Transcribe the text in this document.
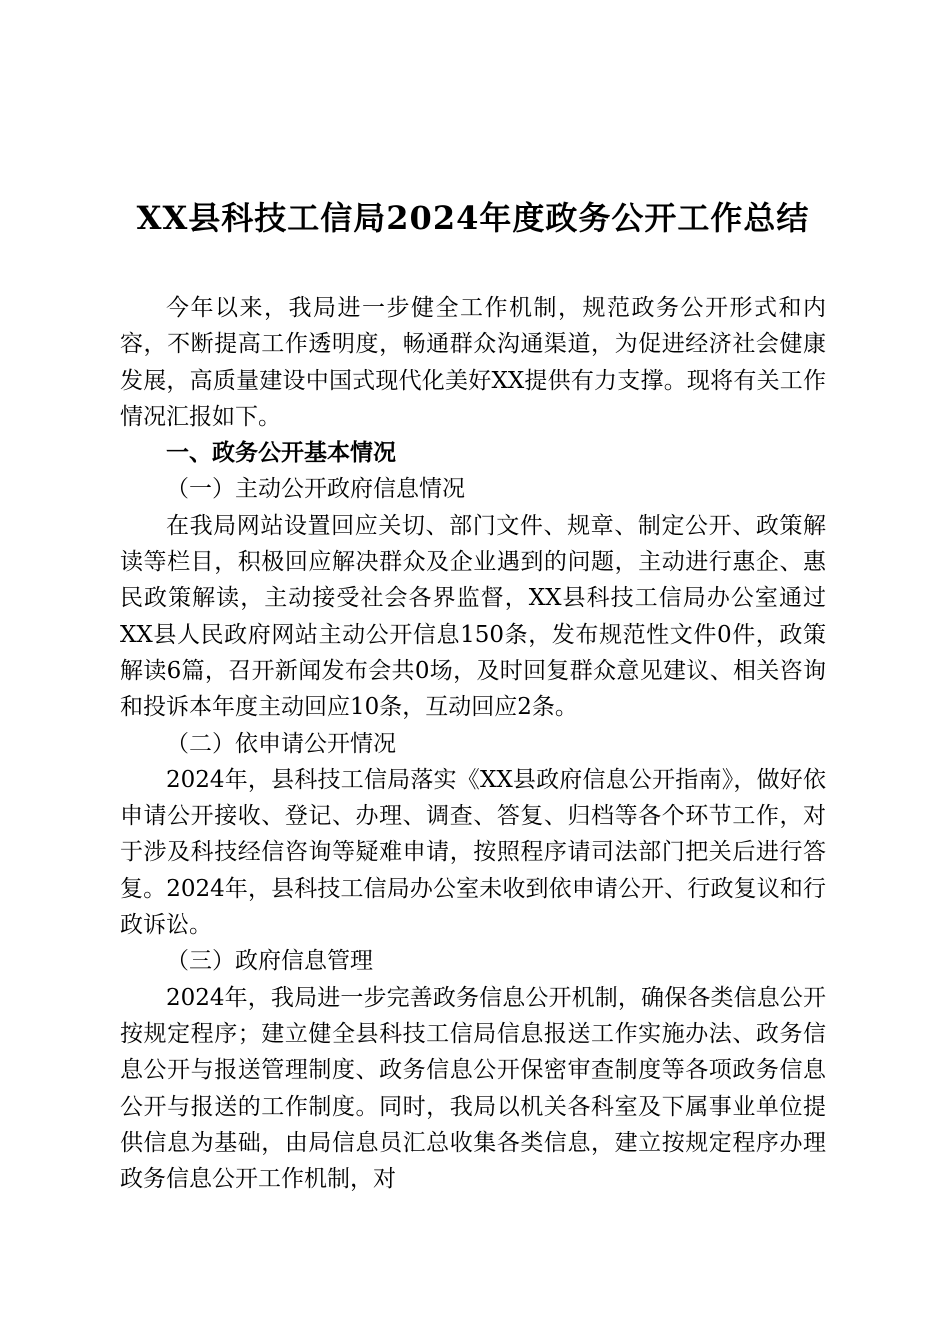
XX县科技工信局2024年度政务公开工作总结

今年以来，我局进一步健全工作机制，规范政务公开形式和内容，不断提高工作透明度，畅通群众沟通渠道，为促进经济社会健康发展，高质量建设中国式现代化美好XX提供有力支撑。现将有关工作情况汇报如下。

一、政务公开基本情况

（一）主动公开政府信息情况

在我局网站设置回应关切、部门文件、规章、制定公开、政策解读等栏目，积极回应解决群众及企业遇到的问题，主动进行惠企、惠民政策解读，主动接受社会各界监督，XX县科技工信局办公室通过XX县人民政府网站主动公开信息150条，发布规范性文件0件，政策解读6篇，召开新闻发布会共0场，及时回复群众意见建议、相关咨询和投诉本年度主动回应10条，互动回应2条。

（二）依申请公开情况

2024年，县科技工信局落实《XX县政府信息公开指南》，做好依申请公开接收、登记、办理、调查、答复、归档等各个环节工作，对于涉及科技经信咨询等疑难申请，按照程序请司法部门把关后进行答复。2024年，县科技工信局办公室未收到依申请公开、行政复议和行政诉讼。

（三）政府信息管理

2024年，我局进一步完善政务信息公开机制，确保各类信息公开按规定程序；建立健全县科技工信局信息报送工作实施办法、政务信息公开与报送管理制度、政务信息公开保密审查制度等各项政务信息公开与报送的工作制度。同时，我局以机关各科室及下属事业单位提供信息为基础，由局信息员汇总收集各类信息，建立按规定程序办理政务信息公开工作机制，对
